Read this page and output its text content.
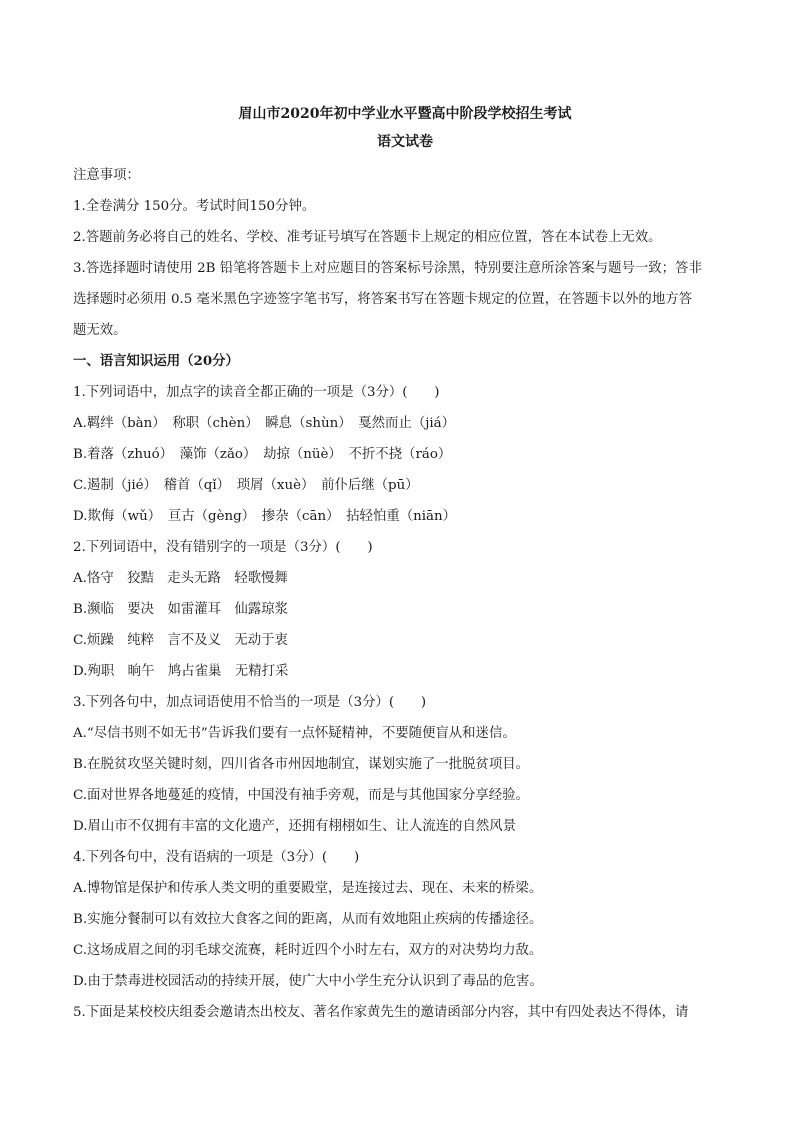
眉山市2020年初中学业水平暨高中阶段学校招生考试
语文试卷
注意事项：
1.全卷满分 150分。考试时间150分钟。
2.答题前务必将自己的姓名、学校、准考证号填写在答题卡上规定的相应位置，答在本试卷上无效。
3.答选择题时请使用 2B 铅笔将答题卡上对应题目的答案标号涂黑，特别要注意所涂答案与题号一致；答非
选择题时必须用 0.5 毫米黑色字迹签字笔书写，将答案书写在答题卡规定的位置，在答题卡以外的地方答
题无效。
一、语言知识运用（20分）
1.下列词语中，加点字的读音全都正确的一项是（3分）(　　)
A.羁绊（bàn）　称职（chèn）　瞬息（shùn）　戛然而止（jiá）
B.着落（zhuó）　藻饰（zǎo）　劫掠（nüè）　不折不挠（ráo）
C.遏制（jié）　稽首（qǐ）　琐屑（xuè）　前仆后继（pū）
D.欺侮（wǔ）　亘古（gèng）　掺杂（cān）　拈轻怕重（niān）
2.下列词语中，没有错别字的一项是（3分）(　　)
A.恪守　狡黠　走头无路　轻歌慢舞
B.濒临　要决　如雷灌耳　仙露琼浆
C.烦躁　纯粹　言不及义　无动于衷
D.殉职　晌午　鸠占雀巢　无精打采
3.下列各句中，加点词语使用不恰当的一项是（3分）(　　)
A.“尽信书则不如无书”告诉我们要有一点怀疑精神，不要随便盲从和迷信。
B.在脱贫攻坚关键时刻，四川省各市州因地制宜，谋划实施了一批脱贫项目。
C.面对世界各地蔓延的疫情，中国没有袖手旁观，而是与其他国家分享经验。
D.眉山市不仅拥有丰富的文化遗产，还拥有栩栩如生、让人流连的自然风景
4.下列各句中，没有语病的一项是（3分）(　　)
A.博物馆是保护和传承人类文明的重要殿堂，是连接过去、现在、未来的桥梁。
B.实施分餐制可以有效拉大食客之间的距离，从而有效地阻止疾病的传播途径。
C.这场成眉之间的羽毛球交流赛，耗时近四个小时左右，双方的对决势均力敌。
D.由于禁毒进校园活动的持续开展，使广大中小学生充分认识到了毒品的危害。
5.下面是某校校庆组委会邀请杰出校友、著名作家黄先生的邀请函部分内容，其中有四处表达不得体，请
